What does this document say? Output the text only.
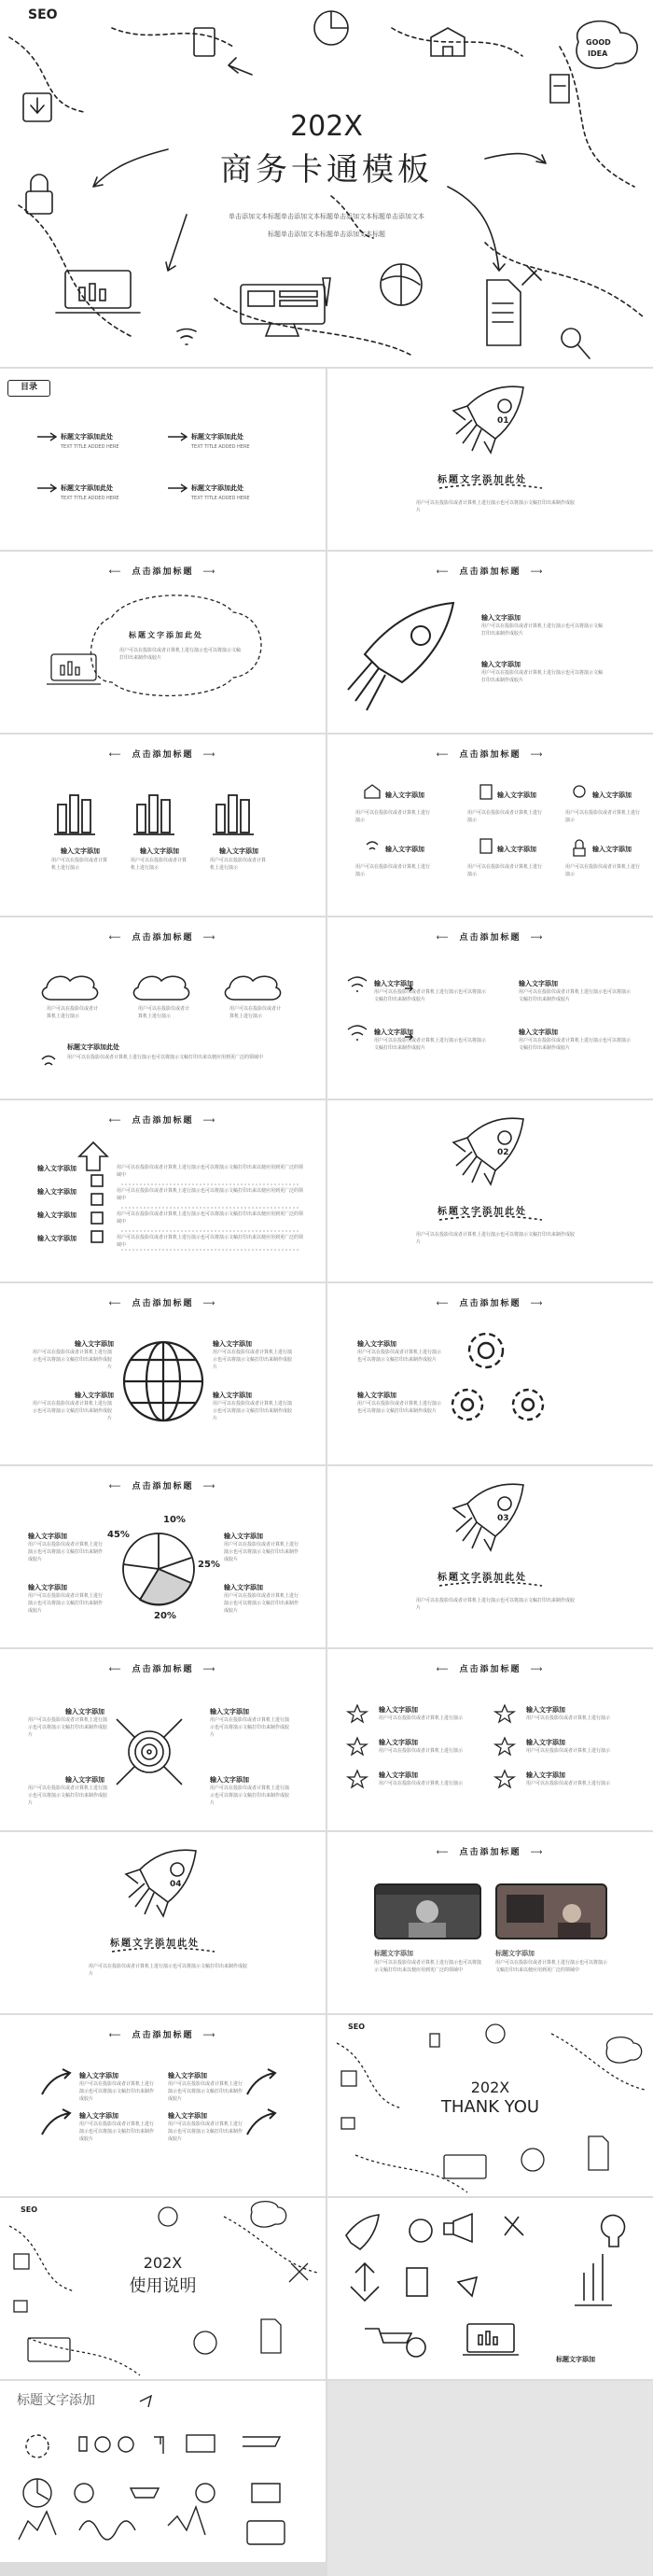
SEO
GOOD
IDEA
202X
商务卡通模板
单击添加文本标题单击添加文本标题单击添加文本标题单击添加文本
标题单击添加文本标题单击添加文本标题
目录
标题文字添加此处
TEXT TITLE ADDED HERE
标题文字添加此处
TEXT TITLE ADDED HERE
标题文字添加此处
TEXT TITLE ADDED HERE
标题文字添加此处
TEXT TITLE ADDED HERE
01
标题文字添加此处
用户可以在投影仪或者计算机上进行演示也可以将演示文稿打印出来制作成胶片
⟵ 点击添加标题 ⟶
标题文字添加此处
用户可以在投影仪或者计算机上进行演示也可以将演示文稿打印出来制作成胶片
⟵ 点击添加标题 ⟶
输入文字添加
用户可以在投影仪或者计算机上进行演示也可以将演示文稿打印出来制作成胶片
输入文字添加
用户可以在投影仪或者计算机上进行演示也可以将演示文稿打印出来制作成胶片
⟵ 点击添加标题 ⟶
输入文字添加
用户可以在投影仪或者计算机上进行演示
输入文字添加
用户可以在投影仪或者计算机上进行演示
输入文字添加
用户可以在投影仪或者计算机上进行演示
⟵ 点击添加标题 ⟶
输入文字添加
用户可以在投影仪或者计算机上进行演示
输入文字添加
用户可以在投影仪或者计算机上进行演示
输入文字添加
用户可以在投影仪或者计算机上进行演示
输入文字添加
用户可以在投影仪或者计算机上进行演示
输入文字添加
用户可以在投影仪或者计算机上进行演示
输入文字添加
用户可以在投影仪或者计算机上进行演示
⟵ 点击添加标题 ⟶
用户可以在投影仪或者计算机上进行演示
用户可以在投影仪或者计算机上进行演示
用户可以在投影仪或者计算机上进行演示
标题文字添加此处
用户可以在投影仪或者计算机上进行演示也可以将演示文稿打印出来以便应用到更广泛的领域中
⟵ 点击添加标题 ⟶
输入文字添加
用户可以在投影仪或者计算机上进行演示也可以将演示文稿打印出来制作成胶片
输入文字添加
用户可以在投影仪或者计算机上进行演示也可以将演示文稿打印出来制作成胶片
输入文字添加
用户可以在投影仪或者计算机上进行演示也可以将演示文稿打印出来制作成胶片
输入文字添加
用户可以在投影仪或者计算机上进行演示也可以将演示文稿打印出来制作成胶片
⟵ 点击添加标题 ⟶
输入文字添加	用户可以在投影仪或者计算机上进行演示也可以将演示文稿打印出来以便应用到更广泛的领域中
输入文字添加	用户可以在投影仪或者计算机上进行演示也可以将演示文稿打印出来以便应用到更广泛的领域中
输入文字添加	用户可以在投影仪或者计算机上进行演示也可以将演示文稿打印出来以便应用到更广泛的领域中
输入文字添加	用户可以在投影仪或者计算机上进行演示也可以将演示文稿打印出来以便应用到更广泛的领域中
02
标题文字添加此处
用户可以在投影仪或者计算机上进行演示也可以将演示文稿打印出来制作成胶片
⟵ 点击添加标题 ⟶
输入文字添加
用户可以在投影仪或者计算机上进行演示也可以将演示文稿打印出来制作成胶片
输入文字添加
用户可以在投影仪或者计算机上进行演示也可以将演示文稿打印出来制作成胶片
输入文字添加
用户可以在投影仪或者计算机上进行演示也可以将演示文稿打印出来制作成胶片
输入文字添加
用户可以在投影仪或者计算机上进行演示也可以将演示文稿打印出来制作成胶片
⟵ 点击添加标题 ⟶
输入文字添加
用户可以在投影仪或者计算机上进行演示也可以将演示文稿打印出来制作成胶片
输入文字添加
用户可以在投影仪或者计算机上进行演示也可以将演示文稿打印出来制作成胶片
⟵ 点击添加标题 ⟶
45%
10%
25%
20%
输入文字添加
用户可以在投影仪或者计算机上进行演示也可以将演示文稿打印出来制作成胶片
输入文字添加
用户可以在投影仪或者计算机上进行演示也可以将演示文稿打印出来制作成胶片
输入文字添加
用户可以在投影仪或者计算机上进行演示也可以将演示文稿打印出来制作成胶片
输入文字添加
用户可以在投影仪或者计算机上进行演示也可以将演示文稿打印出来制作成胶片
03
标题文字添加此处
用户可以在投影仪或者计算机上进行演示也可以将演示文稿打印出来制作成胶片
⟵ 点击添加标题 ⟶
输入文字添加
用户可以在投影仪或者计算机上进行演示也可以将演示文稿打印出来制作成胶片
输入文字添加
用户可以在投影仪或者计算机上进行演示也可以将演示文稿打印出来制作成胶片
输入文字添加
用户可以在投影仪或者计算机上进行演示也可以将演示文稿打印出来制作成胶片
输入文字添加
用户可以在投影仪或者计算机上进行演示也可以将演示文稿打印出来制作成胶片
⟵ 点击添加标题 ⟶
输入文字添加
用户可以在投影仪或者计算机上进行演示
输入文字添加
用户可以在投影仪或者计算机上进行演示
输入文字添加
用户可以在投影仪或者计算机上进行演示
输入文字添加
用户可以在投影仪或者计算机上进行演示
输入文字添加
用户可以在投影仪或者计算机上进行演示
输入文字添加
用户可以在投影仪或者计算机上进行演示
04
标题文字添加此处
用户可以在投影仪或者计算机上进行演示也可以将演示文稿打印出来制作成胶片
⟵ 点击添加标题 ⟶
标题文字添加
用户可以在投影仪或者计算机上进行演示也可以将演示文稿打印出来以便应用到更广泛的领域中
标题文字添加
用户可以在投影仪或者计算机上进行演示也可以将演示文稿打印出来以便应用到更广泛的领域中
⟵ 点击添加标题 ⟶
输入文字添加
用户可以在投影仪或者计算机上进行演示也可以将演示文稿打印出来制作成胶片
输入文字添加
用户可以在投影仪或者计算机上进行演示也可以将演示文稿打印出来制作成胶片
输入文字添加
用户可以在投影仪或者计算机上进行演示也可以将演示文稿打印出来制作成胶片
输入文字添加
用户可以在投影仪或者计算机上进行演示也可以将演示文稿打印出来制作成胶片
SEO
202X
THANK YOU
SEO
202X
使用说明
标题文字添加
标题文字添加
